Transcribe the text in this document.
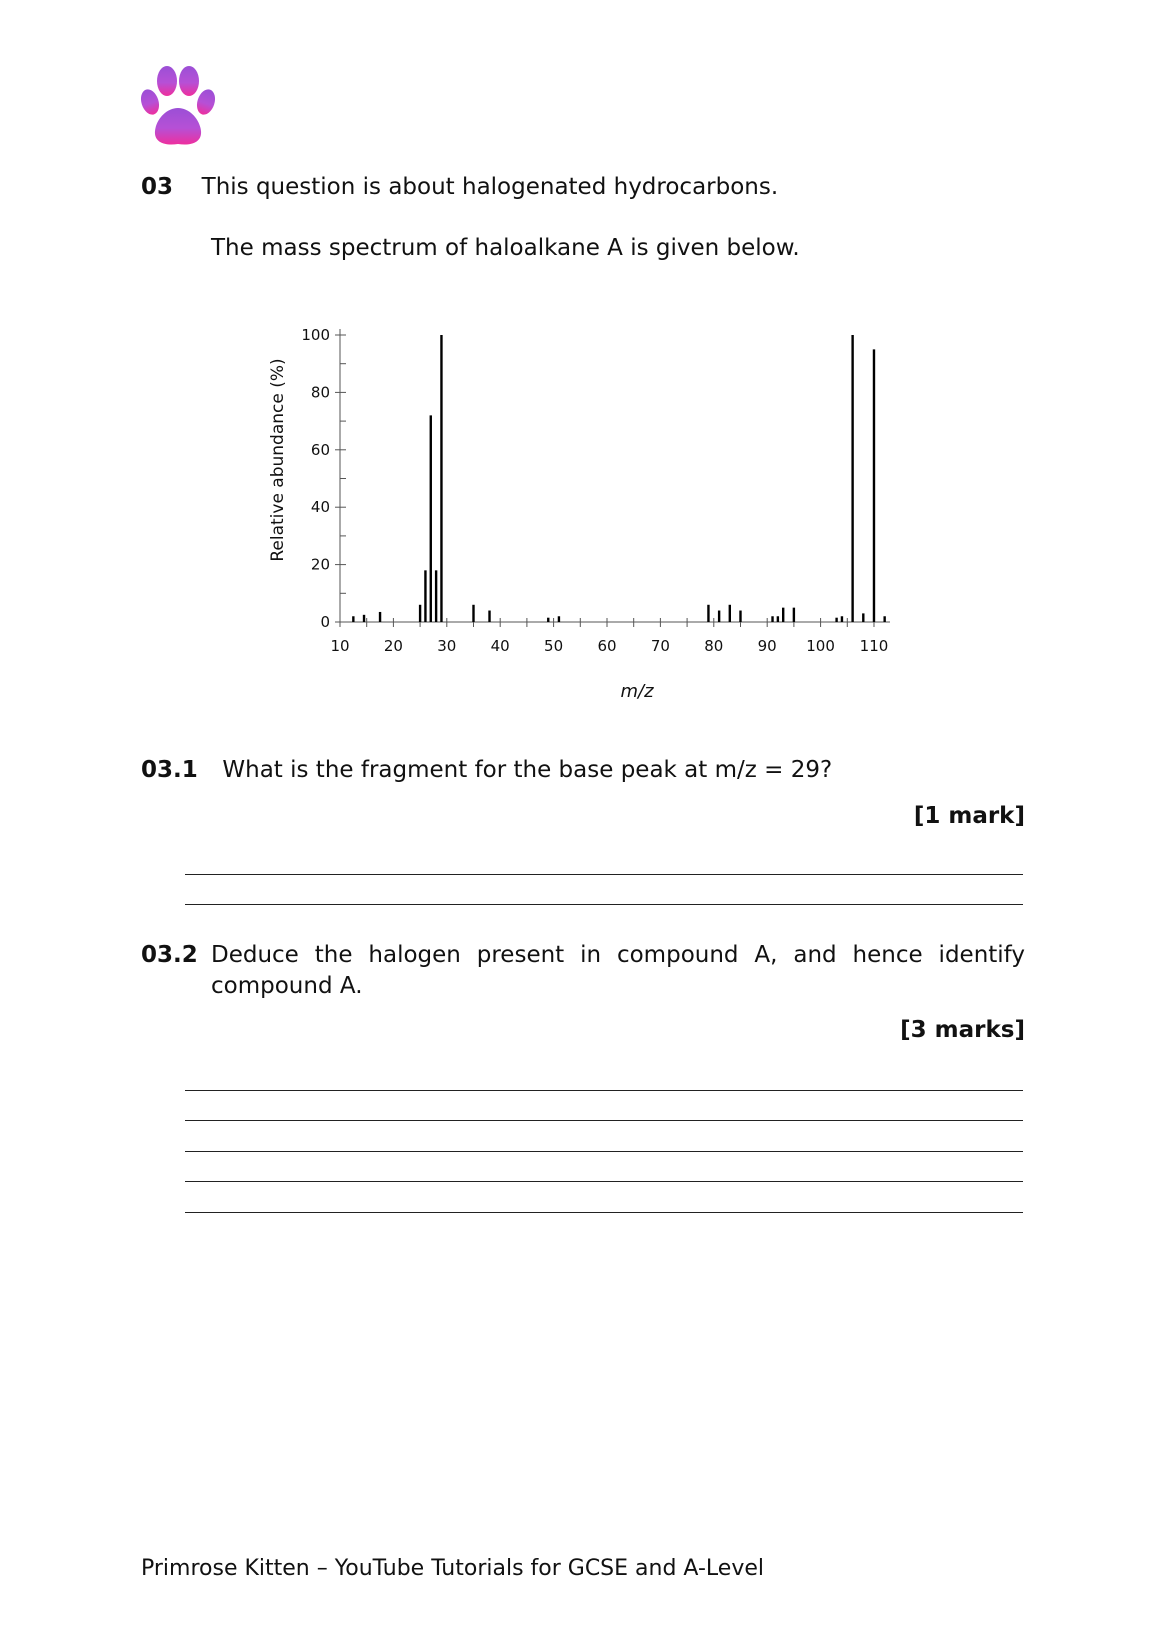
03 This question is about halogenated hydrocarbons.
The mass spectrum of haloalkane A is given below.
0
20
40
60
80
100
10 20 30 40 50 60 70 80 90 100 110
Relative abundance (%)
m/z
03.1 What is the fragment for the base peak at m/z = 29?
[1 mark]
03.2 Deduce the halogen present in compound A, and hence identify
compound A.
[3 marks]
Primrose Kitten – YouTube Tutorials for GCSE and A-Level
